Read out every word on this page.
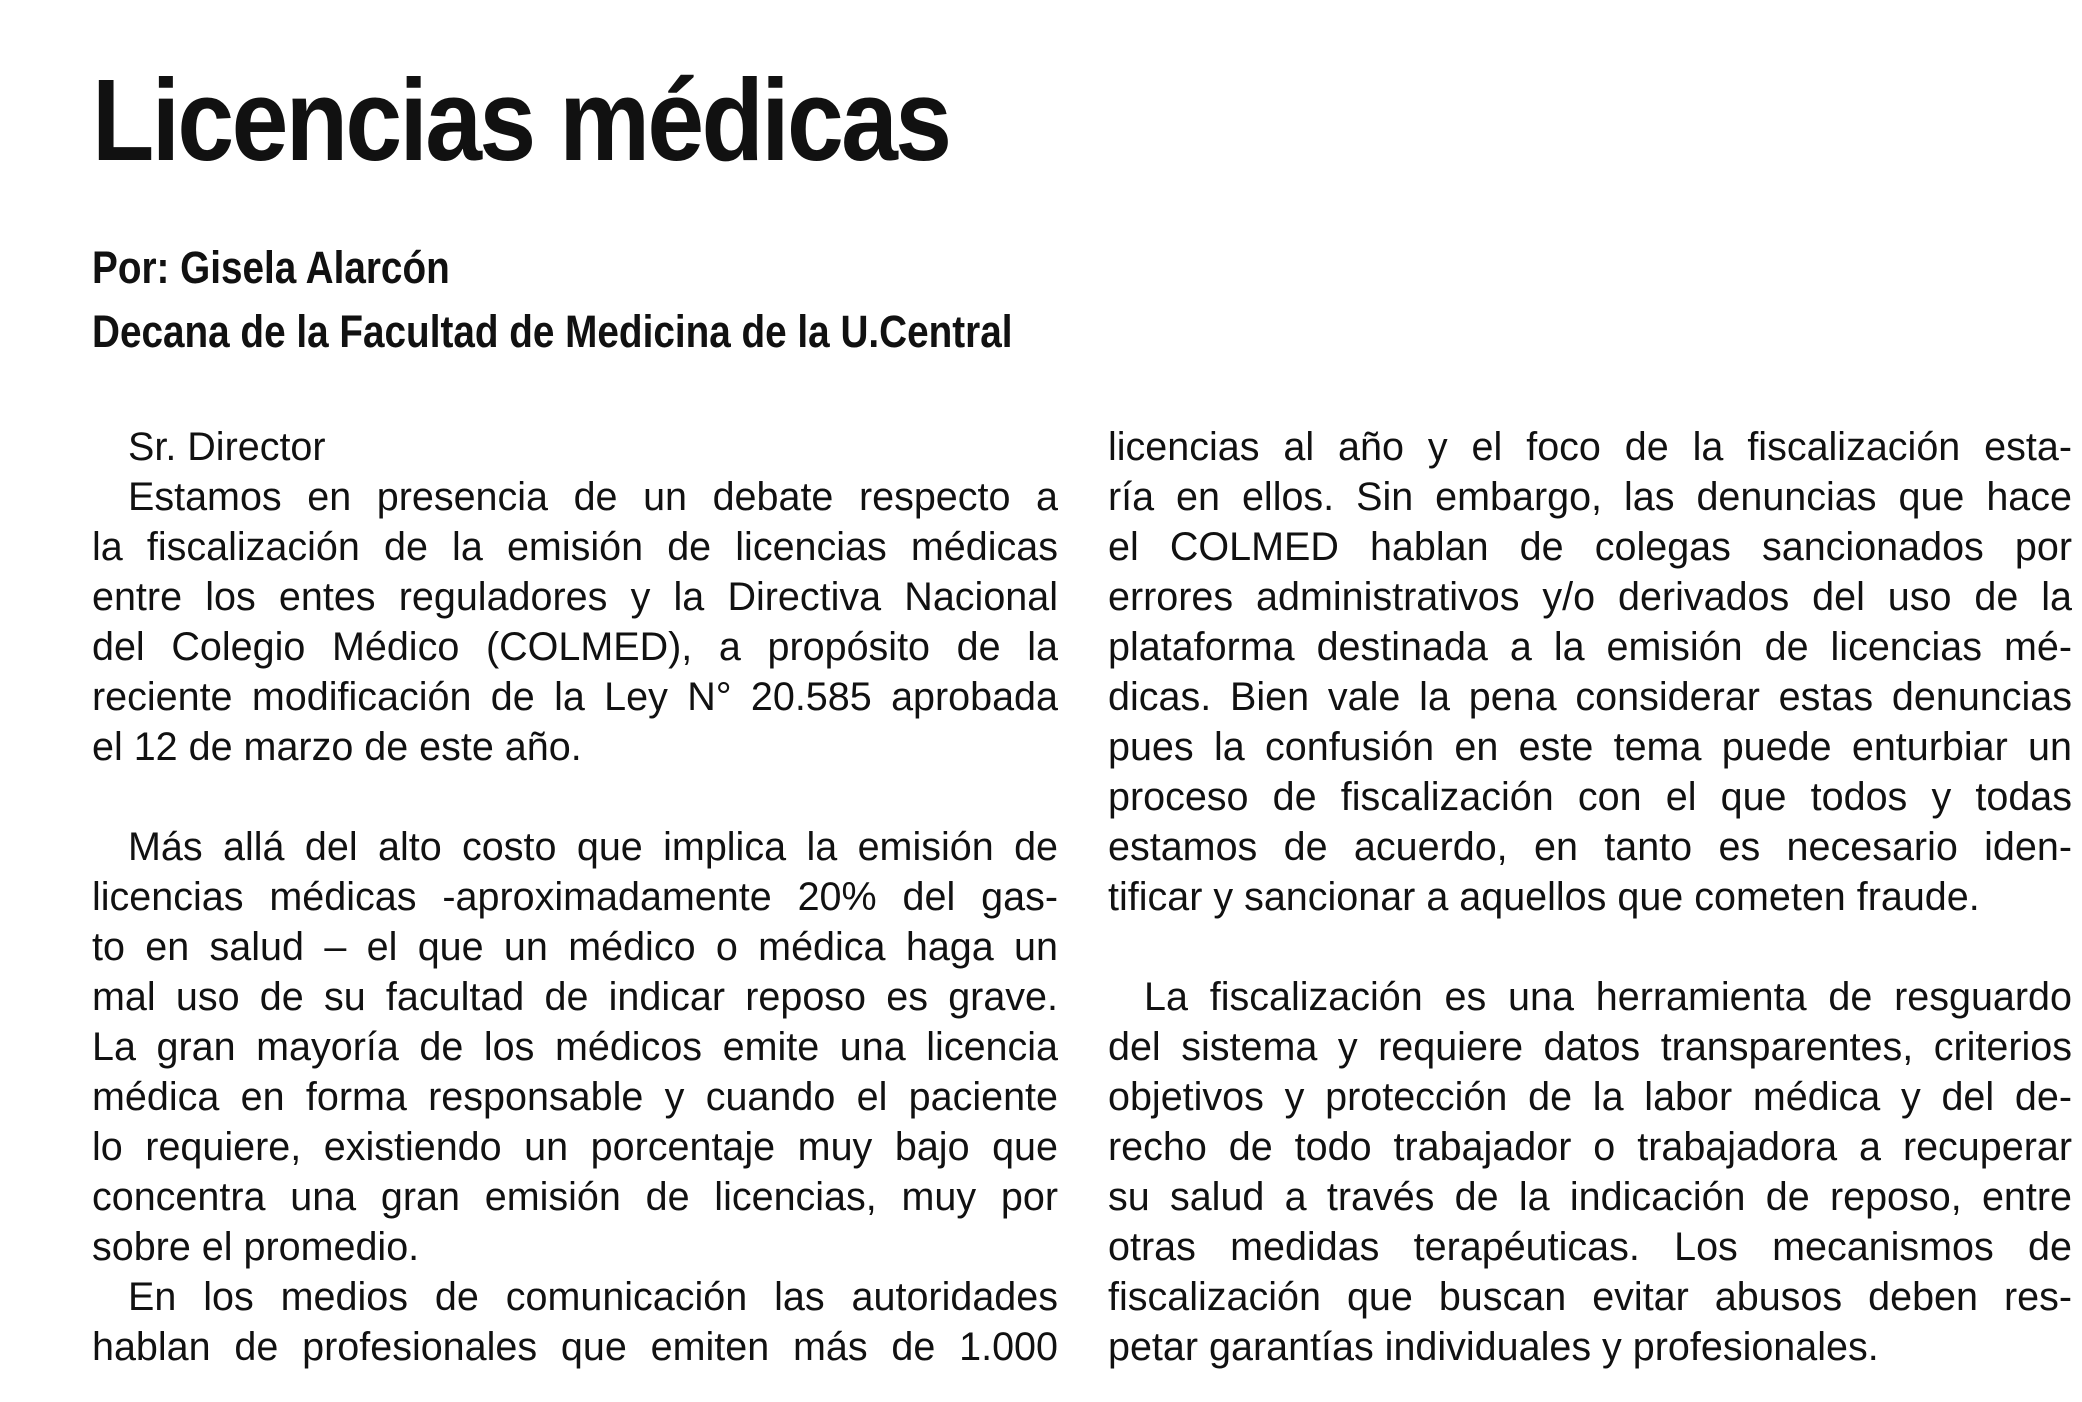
Licencias médicas
Por: Gisela Alarcón
Decana de la Facultad de Medicina de la U.Central
Sr. Director
Estamos en presencia de un debate respecto a
la fiscalización de la emisión de licencias médicas
entre los entes reguladores y la Directiva Nacional
del Colegio Médico (COLMED), a propósito de la
reciente modificación de la Ley N° 20.585 aprobada
el 12 de marzo de este año.
Más allá del alto costo que implica la emisión de
licencias médicas -aproximadamente 20% del gas-
to en salud – el que un médico o médica haga un
mal uso de su facultad de indicar reposo es grave.
La gran mayoría de los médicos emite una licencia
médica en forma responsable y cuando el paciente
lo requiere, existiendo un porcentaje muy bajo que
concentra una gran emisión de licencias, muy por
sobre el promedio.
En los medios de comunicación las autoridades
hablan de profesionales que emiten más de 1.000
licencias al año y el foco de la fiscalización esta-
ría en ellos. Sin embargo, las denuncias que hace
el COLMED hablan de colegas sancionados por
errores administrativos y/o derivados del uso de la
plataforma destinada a la emisión de licencias mé-
dicas. Bien vale la pena considerar estas denuncias
pues la confusión en este tema puede enturbiar un
proceso de fiscalización con el que todos y todas
estamos de acuerdo, en tanto es necesario iden-
tificar y sancionar a aquellos que cometen fraude.
La fiscalización es una herramienta de resguardo
del sistema y requiere datos transparentes, criterios
objetivos y protección de la labor médica y del de-
recho de todo trabajador o trabajadora a recuperar
su salud a través de la indicación de reposo, entre
otras medidas terapéuticas. Los mecanismos de
fiscalización que buscan evitar abusos deben res-
petar garantías individuales y profesionales.
